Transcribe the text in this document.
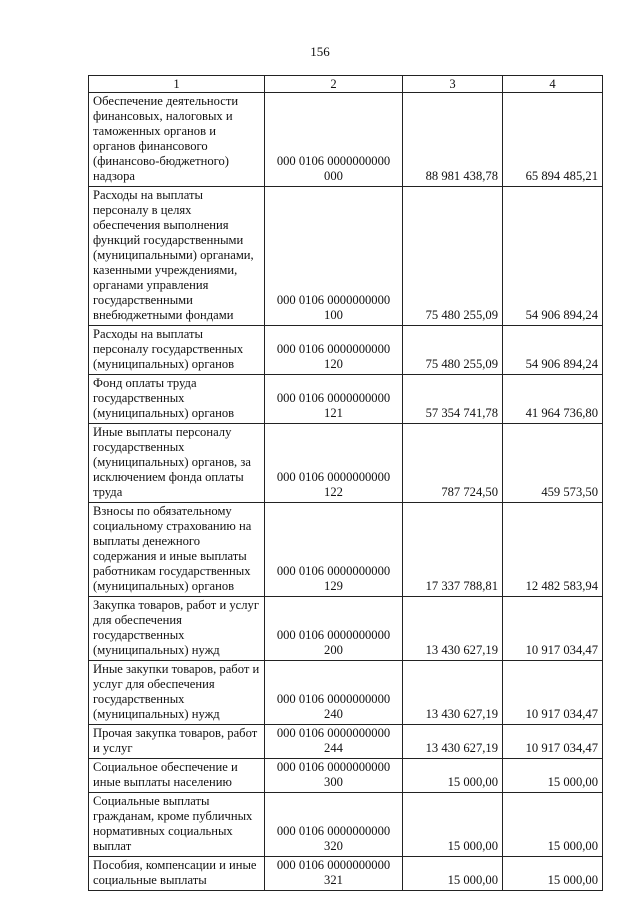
156
1	2	3	4
Обеспечение деятельности финансовых, налоговых и таможенных органов и органов финансового (финансово-бюджетного) надзора	000 0106 0000000000 000	88 981 438,78	65 894 485,21
Расходы на выплаты персоналу в целях обеспечения выполнения функций государственными (муниципальными) органами, казенными учреждениями, органами управления государственными внебюджетными фондами	000 0106 0000000000 100	75 480 255,09	54 906 894,24
Расходы на выплаты персоналу государственных (муниципальных) органов	000 0106 0000000000 120	75 480 255,09	54 906 894,24
Фонд оплаты труда государственных (муниципальных) органов	000 0106 0000000000 121	57 354 741,78	41 964 736,80
Иные выплаты персоналу государственных (муниципальных) органов, за исключением фонда оплаты труда	000 0106 0000000000 122	787 724,50	459 573,50
Взносы по обязательному социальному страхованию на выплаты денежного содержания и иные выплаты работникам государственных (муниципальных) органов	000 0106 0000000000 129	17 337 788,81	12 482 583,94
Закупка товаров, работ и услуг для обеспечения государственных (муниципальных) нужд	000 0106 0000000000 200	13 430 627,19	10 917 034,47
Иные закупки товаров, работ и услуг для обеспечения государственных (муниципальных) нужд	000 0106 0000000000 240	13 430 627,19	10 917 034,47
Прочая закупка товаров, работ и услуг	000 0106 0000000000 244	13 430 627,19	10 917 034,47
Социальное обеспечение и иные выплаты населению	000 0106 0000000000 300	15 000,00	15 000,00
Социальные выплаты гражданам, кроме публичных нормативных социальных выплат	000 0106 0000000000 320	15 000,00	15 000,00
Пособия, компенсации и иные социальные выплаты	000 0106 0000000000 321	15 000,00	15 000,00
